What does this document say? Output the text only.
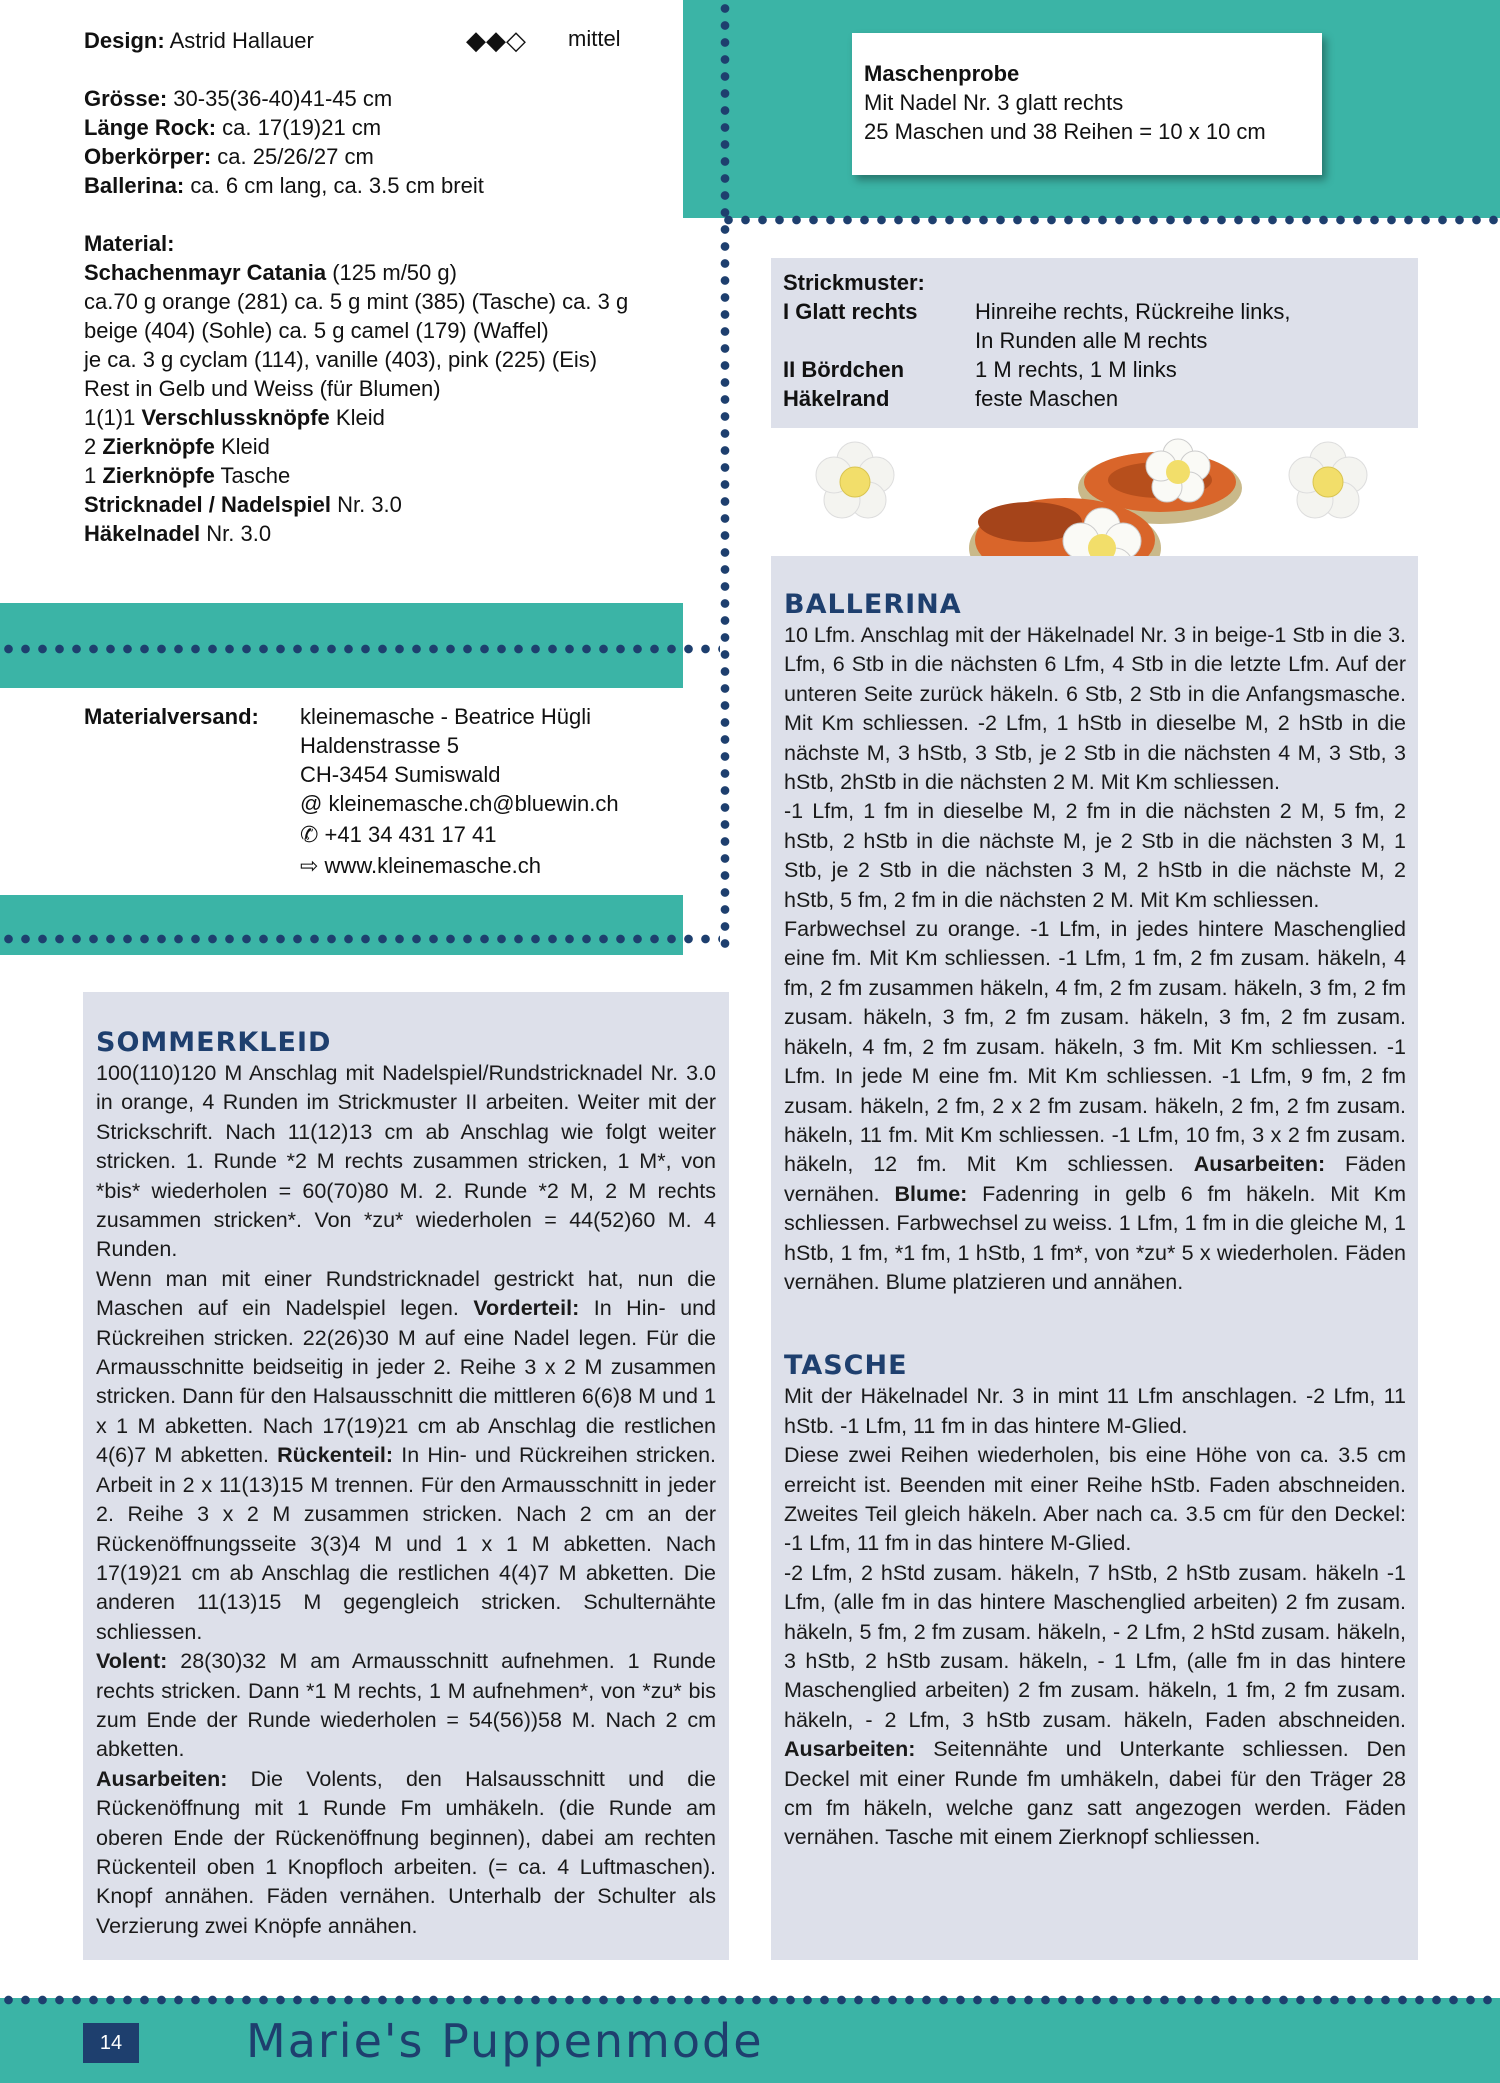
Design: Astrid Hallauer	◆◆◇ mittel
Grösse: 30-35(36-40)41-45 cm
Länge Rock: ca. 17(19)21 cm
Oberkörper: ca. 25/26/27 cm
Ballerina: ca. 6 cm lang, ca. 3.5 cm breit
Material:
Schachenmayr Catania (125 m/50 g)
ca.70 g orange (281) ca. 5 g mint (385) (Tasche) ca. 3 g
beige (404) (Sohle) ca. 5 g camel (179) (Waffel)
je ca. 3 g cyclam (114), vanille (403), pink (225) (Eis)
Rest in Gelb und Weiss (für Blumen)
1(1)1 Verschlussknöpfe Kleid
2 Zierknöpfe Kleid
1 Zierknöpfe Tasche
Stricknadel / Nadelspiel Nr. 3.0
Häkelnadel Nr. 3.0
Materialversand:	kleinemasche - Beatrice Hügli
Haldenstrasse 5
CH-3454 Sumiswald
@ kleinemasche.ch@bluewin.ch
✆ +41 34 431 17 41
⇨ www.kleinemasche.ch
Maschenprobe
Mit Nadel Nr. 3 glatt rechts
25 Maschen und 38 Reihen = 10 x 10 cm
Strickmuster:
I Glatt rechts	Hinreihe rechts, Rückreihe links,
In Runden alle M rechts
II Bördchen	1 M rechts, 1 M links
Häkelrand	feste Maschen
BALLERINA

10 Lfm. Anschlag mit der Häkelnadel Nr. 3 in beige-1 Stb in die 3. Lfm, 6 Stb in die nächsten 6 Lfm, 4 Stb in die letzte Lfm. Auf der unteren Seite zurück häkeln. 6 Stb, 2 Stb in die Anfangsmasche. Mit Km schliessen. -2 Lfm, 1 hStb in dieselbe M, 2 hStb in die nächste M, 3 hStb, 3 Stb, je 2 Stb in die nächsten 4 M, 3 Stb, 3 hStb, 2hStb in die nächsten 2 M. Mit Km schliessen.

-1 Lfm, 1 fm in dieselbe M, 2 fm in die nächsten 2 M, 5 fm, 2 hStb, 2 hStb in die nächste M, je 2 Stb in die nächsten 3 M, 1 Stb, je 2 Stb in die nächsten 3 M, 2 hStb in die nächste M, 2 hStb, 5 fm, 2 fm in die nächsten 2 M. Mit Km schliessen.

Farbwechsel zu orange. -1 Lfm, in jedes hintere Maschenglied eine fm. Mit Km schliessen. -1 Lfm, 1 fm, 2 fm zusam. häkeln, 4 fm, 2 fm zusammen häkeln, 4 fm, 2 fm zusam. häkeln, 3 fm, 2 fm zusam. häkeln, 3 fm, 2 fm zusam. häkeln, 3 fm, 2 fm zusam. häkeln, 4 fm, 2 fm zusam. häkeln, 3 fm. Mit Km schliessen. -1 Lfm. In jede M eine fm. Mit Km schliessen. -1 Lfm, 9 fm, 2 fm zusam. häkeln, 2 fm, 2 x 2 fm zusam. häkeln, 2 fm, 2 fm zusam. häkeln, 11 fm. Mit Km schliessen. -1 Lfm, 10 fm, 3 x 2 fm zusam. häkeln, 12 fm. Mit Km schliessen. Ausarbeiten: Fäden vernähen. Blume: Fadenring in gelb 6 fm häkeln. Mit Km schliessen. Farbwechsel zu weiss. 1 Lfm, 1 fm in die gleiche M, 1 hStb, 1 fm, *1 fm, 1 hStb, 1 fm*, von *zu* 5 x wiederholen. Fäden vernähen. Blume platzieren und annähen.

TASCHE

Mit der Häkelnadel Nr. 3 in mint 11 Lfm anschlagen. -2 Lfm, 11 hStb. -1 Lfm, 11 fm in das hintere M-Glied.

Diese zwei Reihen wiederholen, bis eine Höhe von ca. 3.5 cm erreicht ist. Beenden mit einer Reihe hStb. Faden abschneiden. Zweites Teil gleich häkeln. Aber nach ca. 3.5 cm für den Deckel: -1 Lfm, 11 fm in das hintere M-Glied.

-2 Lfm, 2 hStd zusam. häkeln, 7 hStb, 2 hStb zusam. häkeln -1 Lfm, (alle fm in das hintere Maschenglied arbeiten) 2 fm zusam. häkeln, 5 fm, 2 fm zusam. häkeln, - 2 Lfm, 2 hStd zusam. häkeln, 3 hStb, 2 hStb zusam. häkeln, - 1 Lfm, (alle fm in das hintere Maschenglied arbeiten) 2 fm zusam. häkeln, 1 fm, 2 fm zusam. häkeln, - 2 Lfm, 3 hStb zusam. häkeln, Faden abschneiden. Ausarbeiten: Seitennähte und Unterkante schliessen. Den Deckel mit einer Runde fm umhäkeln, dabei für den Träger 28 cm fm häkeln, welche ganz satt angezogen werden. Fäden vernähen. Tasche mit einem Zierknopf schliessen.

SOMMERKLEID

100(110)120 M Anschlag mit Nadelspiel/Rundstricknadel Nr. 3.0 in orange, 4 Runden im Strickmuster II arbeiten. Weiter mit der Strickschrift. Nach 11(12)13 cm ab Anschlag wie folgt weiter stricken. 1. Runde *2 M rechts zusammen stricken, 1 M*, von *bis* wiederholen = 60(70)80 M. 2. Runde *2 M, 2 M rechts zusammen stricken*. Von *zu* wiederholen = 44(52)60 M. 4 Runden.

Wenn man mit einer Rundstricknadel gestrickt hat, nun die Maschen auf ein Nadelspiel legen. Vorderteil: In Hin- und Rückreihen stricken. 22(26)30 M auf eine Nadel legen. Für die Armausschnitte beidseitig in jeder 2. Reihe 3 x 2 M zusammen stricken. Dann für den Halsausschnitt die mittleren 6(6)8 M und 1 x 1 M abketten. Nach 17(19)21 cm ab Anschlag die restlichen 4(6)7 M abketten. Rückenteil: In Hin- und Rückreihen stricken. Arbeit in 2 x 11(13)15 M trennen. Für den Armausschnitt in jeder 2. Reihe 3 x 2 M zusammen stricken. Nach 2 cm an der Rückenöffnungsseite 3(3)4 M und 1 x 1 M abketten. Nach 17(19)21 cm ab Anschlag die restlichen 4(4)7 M abketten. Die anderen 11(13)15 M gegengleich stricken. Schulternähte schliessen.

Volent: 28(30)32 M am Armausschnitt aufnehmen. 1 Runde rechts stricken. Dann *1 M rechts, 1 M aufnehmen*, von *zu* bis zum Ende der Runde wiederholen = 54(56))58 M. Nach 2 cm abketten.

Ausarbeiten: Die Volents, den Halsausschnitt und die Rückenöffnung mit 1 Runde Fm umhäkeln. (die Runde am oberen Ende der Rückenöffnung beginnen), dabei am rechten Rückenteil oben 1 Knopfloch arbeiten. (= ca. 4 Luftmaschen). Knopf annähen. Fäden vernähen. Unterhalb der Schulter als Verzierung zwei Knöpfe annähen.

14	Marie's Puppenmode
